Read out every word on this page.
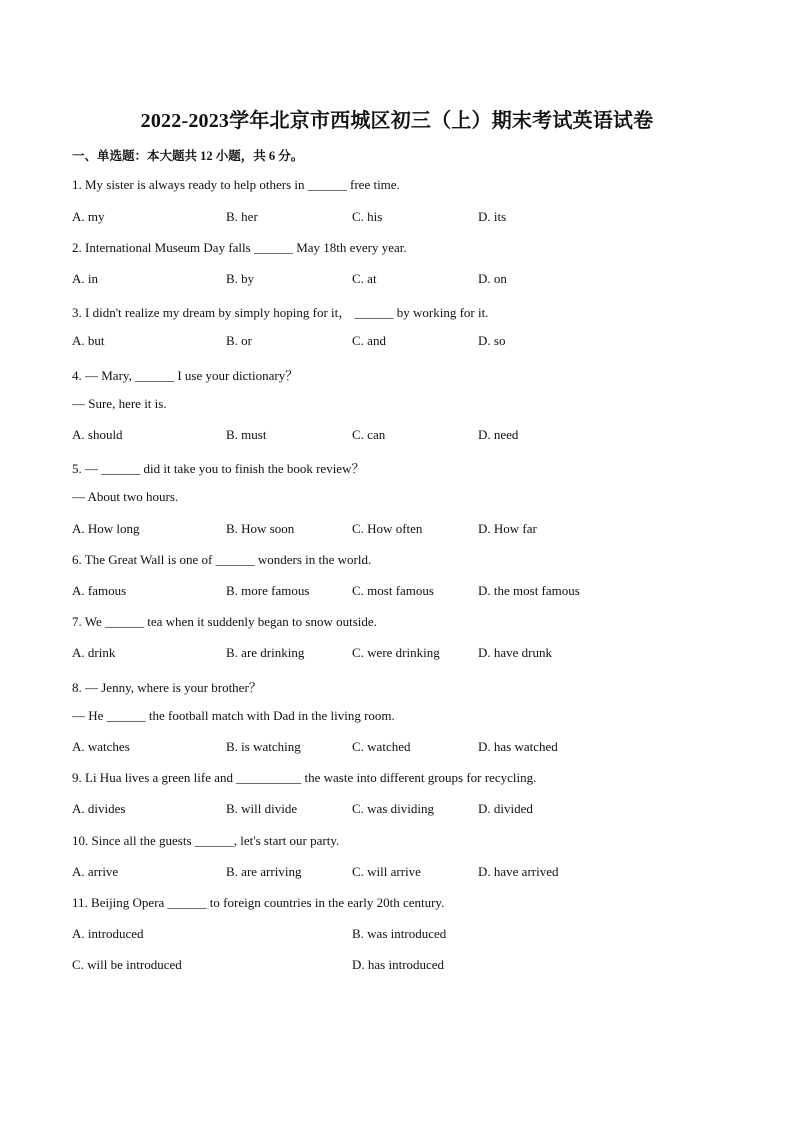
2022-2023学年北京市西城区初三（上）期末考试英语试卷

一、单选题：本大题共 12 小题，共 6 分。

1. My sister is always ready to help others in ______ free time.

A. my	B. her	C. his	D. its

2. International Museum Day falls ______ May 18th every year.

A. in	B. by	C. at	D. on

3. I didn't realize my dream by simply hoping for it， ______ by working for it.

A. but	B. or	C. and	D. so

4. — Mary, ______ I use your dictionary？

— Sure, here it is.

A. should	B. must	C. can	D. need

5. — ______ did it take you to finish the book review？

— About two hours.

A. How long	B. How soon	C. How often	D. How far

6. The Great Wall is one of ______ wonders in the world.

A. famous	B. more famous	C. most famous	D. the most famous

7. We ______ tea when it suddenly began to snow outside.

A. drink	B. are drinking	C. were drinking	D. have drunk

8. — Jenny, where is your brother？

— He ______ the football match with Dad in the living room.

A. watches	B. is watching	C. watched	D. has watched

9. Li Hua lives a green life and __________ the waste into different groups for recycling.

A. divides	B. will divide	C. was dividing	D. divided

10. Since all the guests ______, let's start our party.

A. arrive	B. are arriving	C. will arrive	D. have arrived

11. Beijing Opera ______ to foreign countries in the early 20th century.

A. introduced	B. was introduced
C. will be introduced	D. has introduced
